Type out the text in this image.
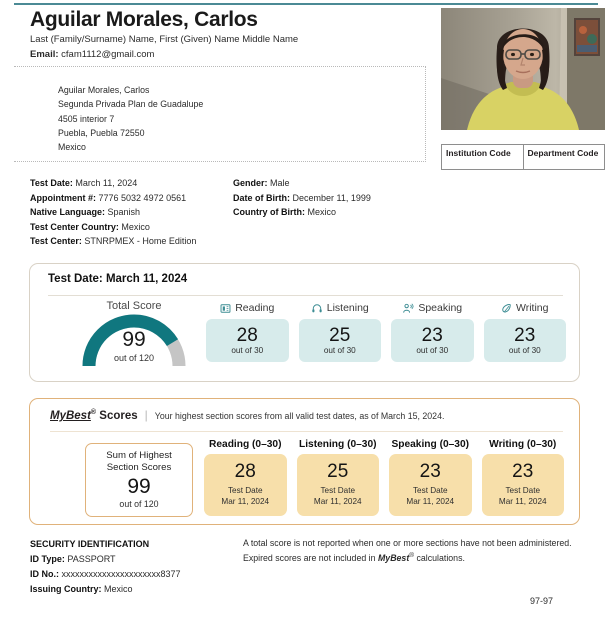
Aguilar Morales, Carlos
Last (Family/Surname) Name, First (Given) Name Middle Name
Email: cfam1112@gmail.com
Institution Code	Department Code
Aguilar Morales, Carlos
Segunda Privada Plan de Guadalupe
4505 interior 7
Puebla, Puebla 72550
Mexico
Test Date: March 11, 2024	Gender: Male
Appointment #: 7776 5032 4972 0561	Date of Birth: December 11, 1999
Native Language: Spanish	Country of Birth: Mexico
Test Center Country: Mexico
Test Center: STNRPMEX - Home Edition
Test Date: March 11, 2024
Total Score
99
out of 120
Reading
28
out of 30
Listening
25
out of 30
Speaking
23
out of 30
Writing
23
out of 30
MyBest® Scores | Your highest section scores from all valid test dates, as of March 15, 2024.
Sum of Highest
Section Scores
99
out of 120
Reading (0–30)
28
Test Date
Mar 11, 2024
Listening (0–30)
25
Test Date
Mar 11, 2024
Speaking (0–30)
23
Test Date
Mar 11, 2024
Writing (0–30)
23
Test Date
Mar 11, 2024
SECURITY IDENTIFICATION
ID Type: PASSPORT
ID No.: xxxxxxxxxxxxxxxxxxxxxx8377
Issuing Country: Mexico
A total score is not reported when one or more sections have not been administered. Expired scores are not included in MyBest® calculations.
97-97
